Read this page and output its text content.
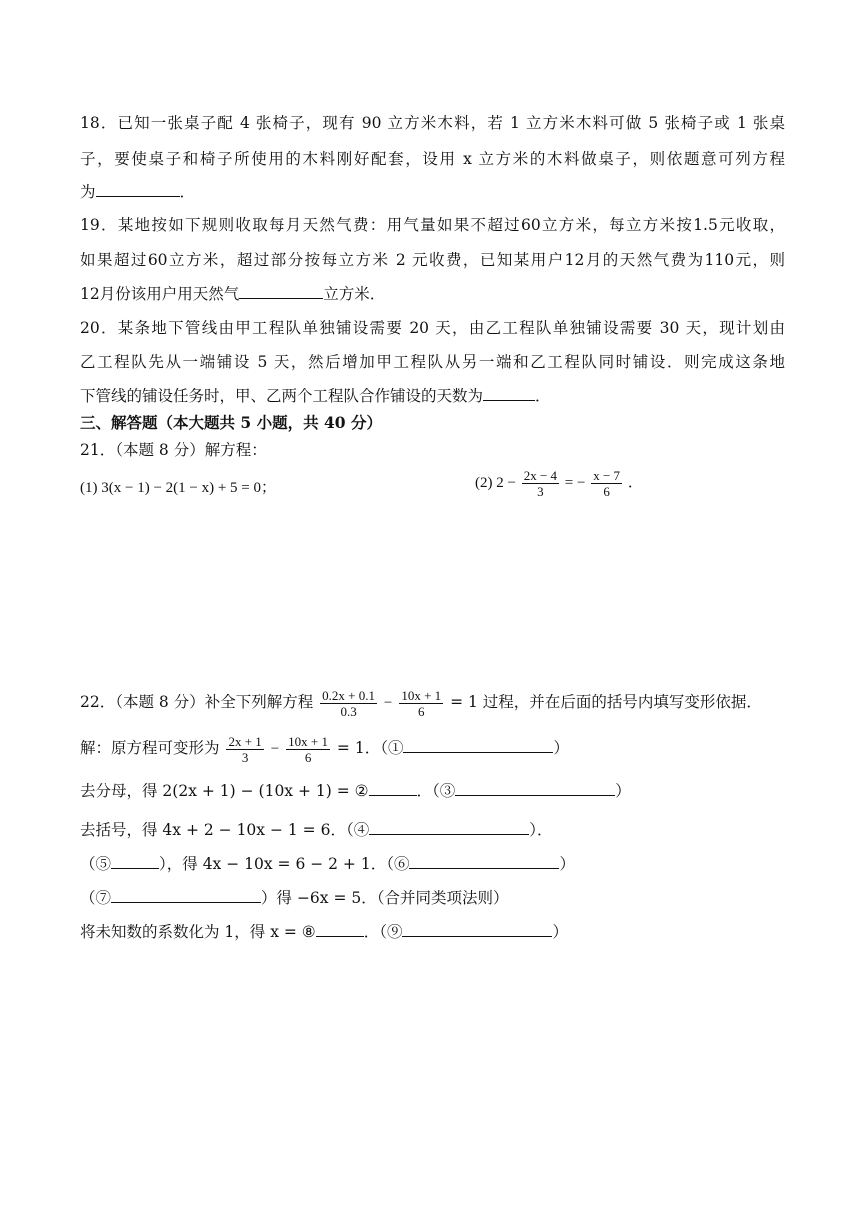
18．已知一张桌子配 4 张椅子，现有 90 立方米木料，若 1 立方米木料可做 5 张椅子或 1 张桌
子，要使桌子和椅子所使用的木料刚好配套，设用 x 立方米的木料做桌子，则依题意可列方程
为	．
19．某地按如下规则收取每月天然气费：用气量如果不超过60立方米，每立方米按1.5元收取，
如果超过60立方米，超过部分按每立方米 2 元收费，已知某用户12月的天然气费为110元，则
12月份该用户用天然气	立方米．
20．某条地下管线由甲工程队单独铺设需要 20 天，由乙工程队单独铺设需要 30 天，现计划由
乙工程队先从一端铺设 5 天，然后增加甲工程队从另一端和乙工程队同时铺设．则完成这条地
下管线的铺设任务时，甲、乙两个工程队合作铺设的天数为	．
三、解答题（本大题共 5 小题，共 40 分）
21．（本题 8 分）解方程：
(1) 3(x − 1) − 2(1 − x) + 5 = 0；	(2) $2 - \frac{2x - 4}{3}$ = − $\frac{x - 7}{6}$ ．
22．（本题 8 分）补全下列解方程 $\frac{0.2x + 0.1}{0.3} - \frac{10x + 1}{6} = 1$ 过程，并在后面的括号内填写变形依据．
解：原方程可变形为 $\frac{2x + 1}{3} - \frac{10x + 1}{6} = 1$．（①	）
去分母，得 2(2x + 1) − (10x + 1) = ②	．（③	）
去括号，得 4x + 2 − 10x − 1 = 6．（④	）．
（⑤	），得 4x − 10x = 6 − 2 + 1．（⑥	）
（⑦	）得 −6x = 5．（合并同类项法则）
将未知数的系数化为 1，得 x = ⑧	．（⑨	）
